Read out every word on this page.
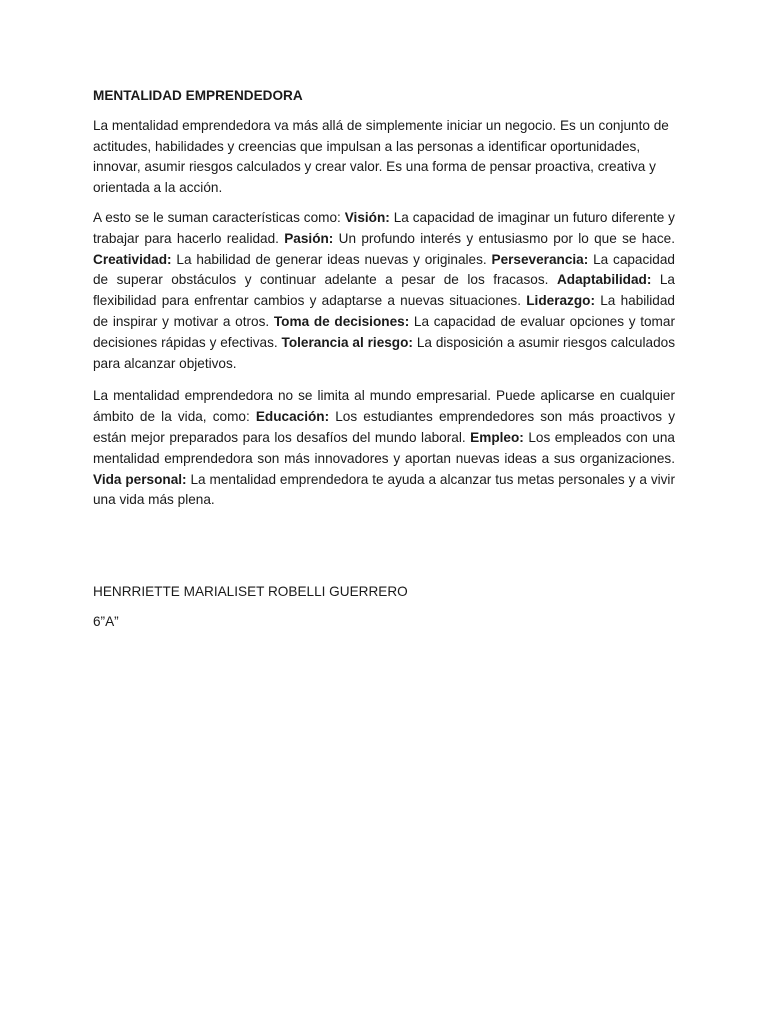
MENTALIDAD EMPRENDEDORA

La mentalidad emprendedora va más allá de simplemente iniciar un negocio. Es un conjunto de actitudes, habilidades y creencias que impulsan a las personas a identificar oportunidades, innovar, asumir riesgos calculados y crear valor. Es una forma de pensar proactiva, creativa y orientada a la acción.

A esto se le suman características como: Visión: La capacidad de imaginar un futuro diferente y trabajar para hacerlo realidad. Pasión: Un profundo interés y entusiasmo por lo que se hace. Creatividad: La habilidad de generar ideas nuevas y originales. Perseverancia: La capacidad de superar obstáculos y continuar adelante a pesar de los fracasos. Adaptabilidad: La flexibilidad para enfrentar cambios y adaptarse a nuevas situaciones. Liderazgo: La habilidad de inspirar y motivar a otros. Toma de decisiones: La capacidad de evaluar opciones y tomar decisiones rápidas y efectivas. Tolerancia al riesgo: La disposición a asumir riesgos calculados para alcanzar objetivos.

La mentalidad emprendedora no se limita al mundo empresarial. Puede aplicarse en cualquier ámbito de la vida, como: Educación: Los estudiantes emprendedores son más proactivos y están mejor preparados para los desafíos del mundo laboral. Empleo: Los empleados con una mentalidad emprendedora son más innovadores y aportan nuevas ideas a sus organizaciones. Vida personal: La mentalidad emprendedora te ayuda a alcanzar tus metas personales y a vivir una vida más plena.

HENRRIETTE MARIALISET ROBELLI GUERRERO

6”A”
